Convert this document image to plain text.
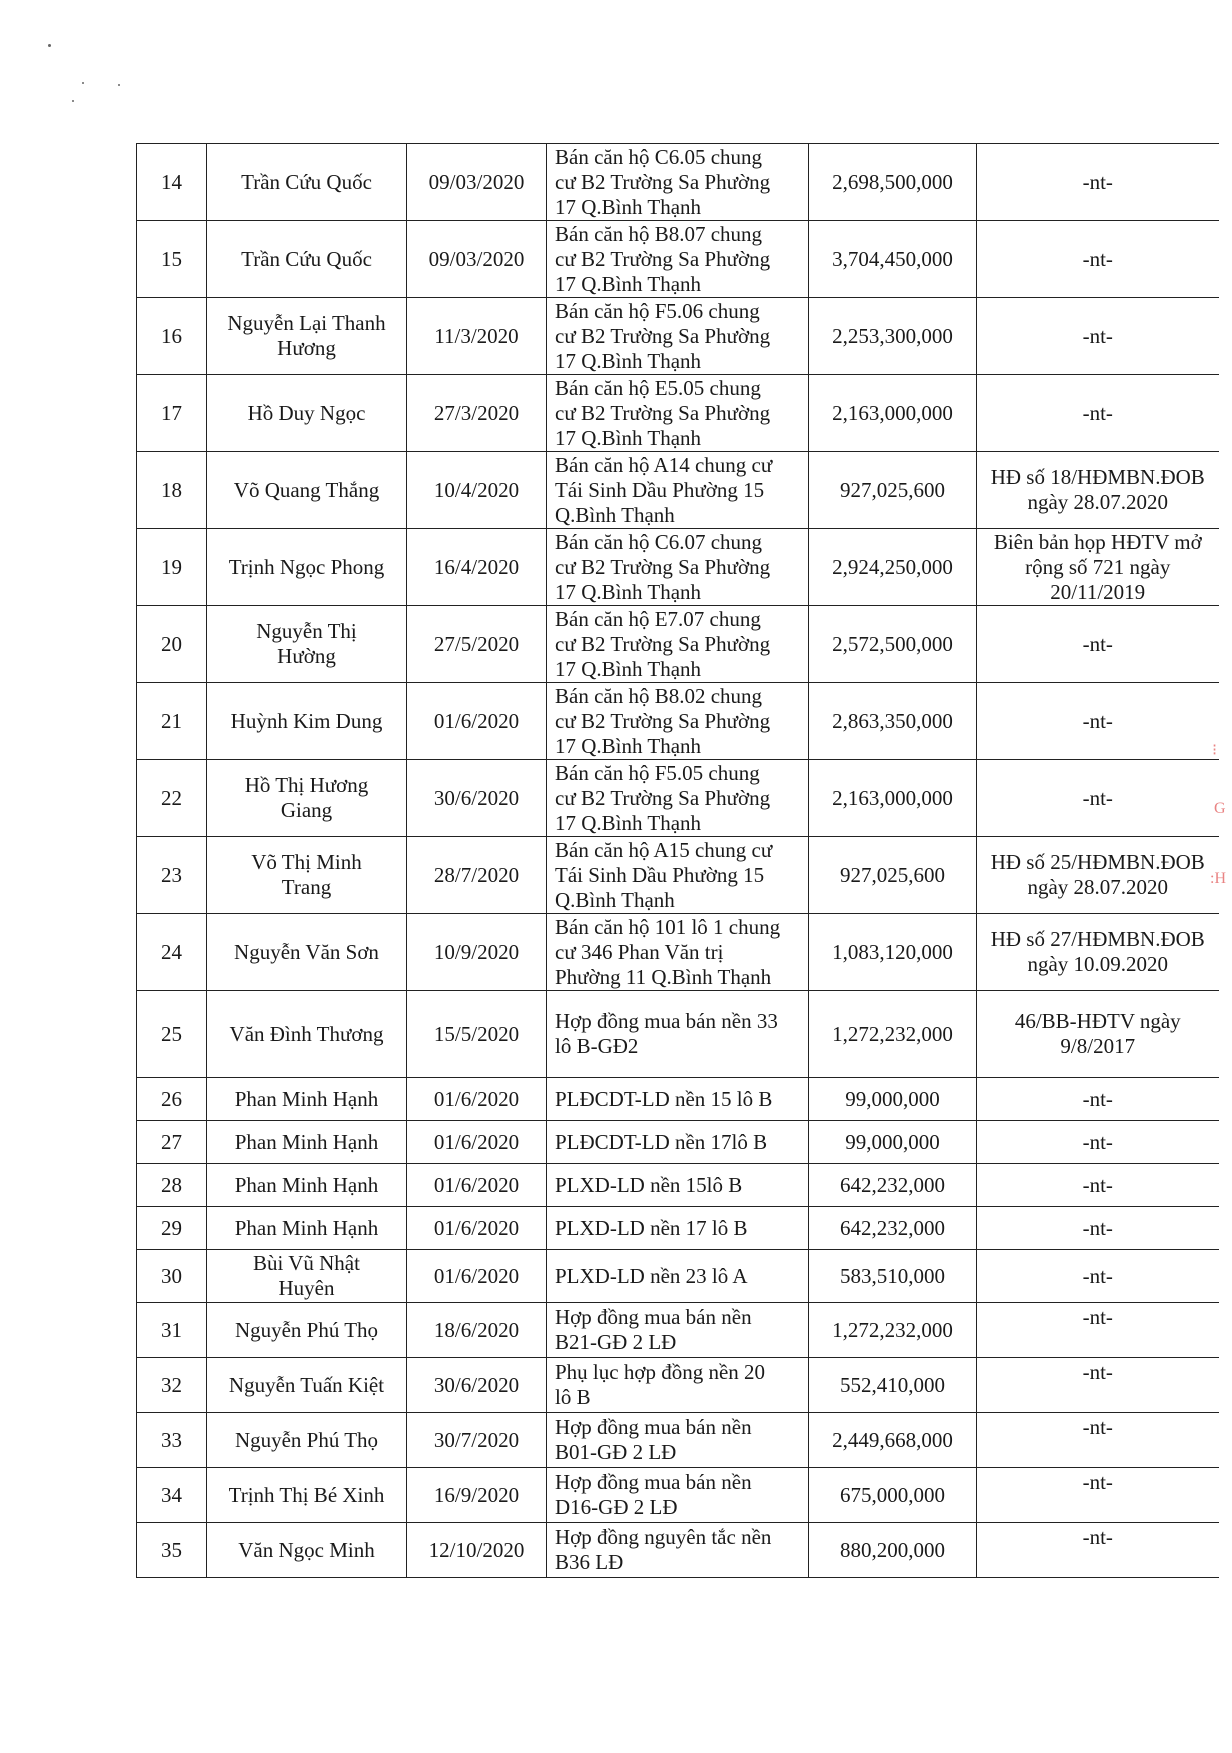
14	Trần Cứu Quốc	09/03/2020	Bán căn hộ C6.05 chung
cư B2 Trường Sa Phường
17 Q.Bình Thạnh	2,698,500,000	-nt-
15	Trần Cứu Quốc	09/03/2020	Bán căn hộ B8.07 chung
cư B2 Trường Sa Phường
17 Q.Bình Thạnh	3,704,450,000	-nt-
16	Nguyễn Lại Thanh
Hương	11/3/2020	Bán căn hộ F5.06 chung
cư B2 Trường Sa Phường
17 Q.Bình Thạnh	2,253,300,000	-nt-
17	Hồ Duy Ngọc	27/3/2020	Bán căn hộ E5.05 chung
cư B2 Trường Sa Phường
17 Q.Bình Thạnh	2,163,000,000	-nt-
18	Võ Quang Thắng	10/4/2020	Bán căn hộ A14 chung cư
Tái Sinh Dầu Phường 15
Q.Bình Thạnh	927,025,600	HĐ số 18/HĐMBN.ĐOB
ngày 28.07.2020
19	Trịnh Ngọc Phong	16/4/2020	Bán căn hộ C6.07 chung
cư B2 Trường Sa Phường
17 Q.Bình Thạnh	2,924,250,000	Biên bản họp HĐTV mở
rộng số 721 ngày
20/11/2019
20	Nguyễn Thị
Hường	27/5/2020	Bán căn hộ E7.07 chung
cư B2 Trường Sa Phường
17 Q.Bình Thạnh	2,572,500,000	-nt-
21	Huỳnh Kim Dung	01/6/2020	Bán căn hộ B8.02 chung
cư B2 Trường Sa Phường
17 Q.Bình Thạnh	2,863,350,000	-nt-
22	Hồ Thị Hương
Giang	30/6/2020	Bán căn hộ F5.05 chung
cư B2 Trường Sa Phường
17 Q.Bình Thạnh	2,163,000,000	-nt-
23	Võ Thị Minh
Trang	28/7/2020	Bán căn hộ A15 chung cư
Tái Sinh Dầu Phường 15
Q.Bình Thạnh	927,025,600	HĐ số 25/HĐMBN.ĐOB
ngày 28.07.2020
24	Nguyễn Văn Sơn	10/9/2020	Bán căn hộ 101 lô 1 chung
cư 346 Phan Văn trị
Phường 11 Q.Bình Thạnh	1,083,120,000	HĐ số 27/HĐMBN.ĐOB
ngày 10.09.2020
25	Văn Đình Thương	15/5/2020	Hợp đồng mua bán nền 33
lô B-GĐ2	1,272,232,000	46/BB-HĐTV ngày
9/8/2017
26	Phan Minh Hạnh	01/6/2020	PLĐCDT-LD nền 15 lô B	99,000,000	-nt-
27	Phan Minh Hạnh	01/6/2020	PLĐCDT-LD nền 17lô B	99,000,000	-nt-
28	Phan Minh Hạnh	01/6/2020	PLXD-LD nền 15lô B	642,232,000	-nt-
29	Phan Minh Hạnh	01/6/2020	PLXD-LD nền 17 lô B	642,232,000	-nt-
30	Bùi Vũ Nhật
Huyên	01/6/2020	PLXD-LD nền 23 lô A	583,510,000	-nt-
31	Nguyễn Phú Thọ	18/6/2020	Hợp đồng mua bán nền
B21-GĐ 2 LĐ	1,272,232,000	-nt-
32	Nguyễn Tuấn Kiệt	30/6/2020	Phụ lục hợp đồng nền 20
lô B	552,410,000	-nt-
33	Nguyễn Phú Thọ	30/7/2020	Hợp đồng mua bán nền
B01-GĐ 2 LĐ	2,449,668,000	-nt-
34	Trịnh Thị Bé Xinh	16/9/2020	Hợp đồng mua bán nền
D16-GĐ 2 LĐ	675,000,000	-nt-
35	Văn Ngọc Minh	12/10/2020	Hợp đồng nguyên tắc nền
B36 LĐ	880,200,000	-nt-
⁝
G
:H
